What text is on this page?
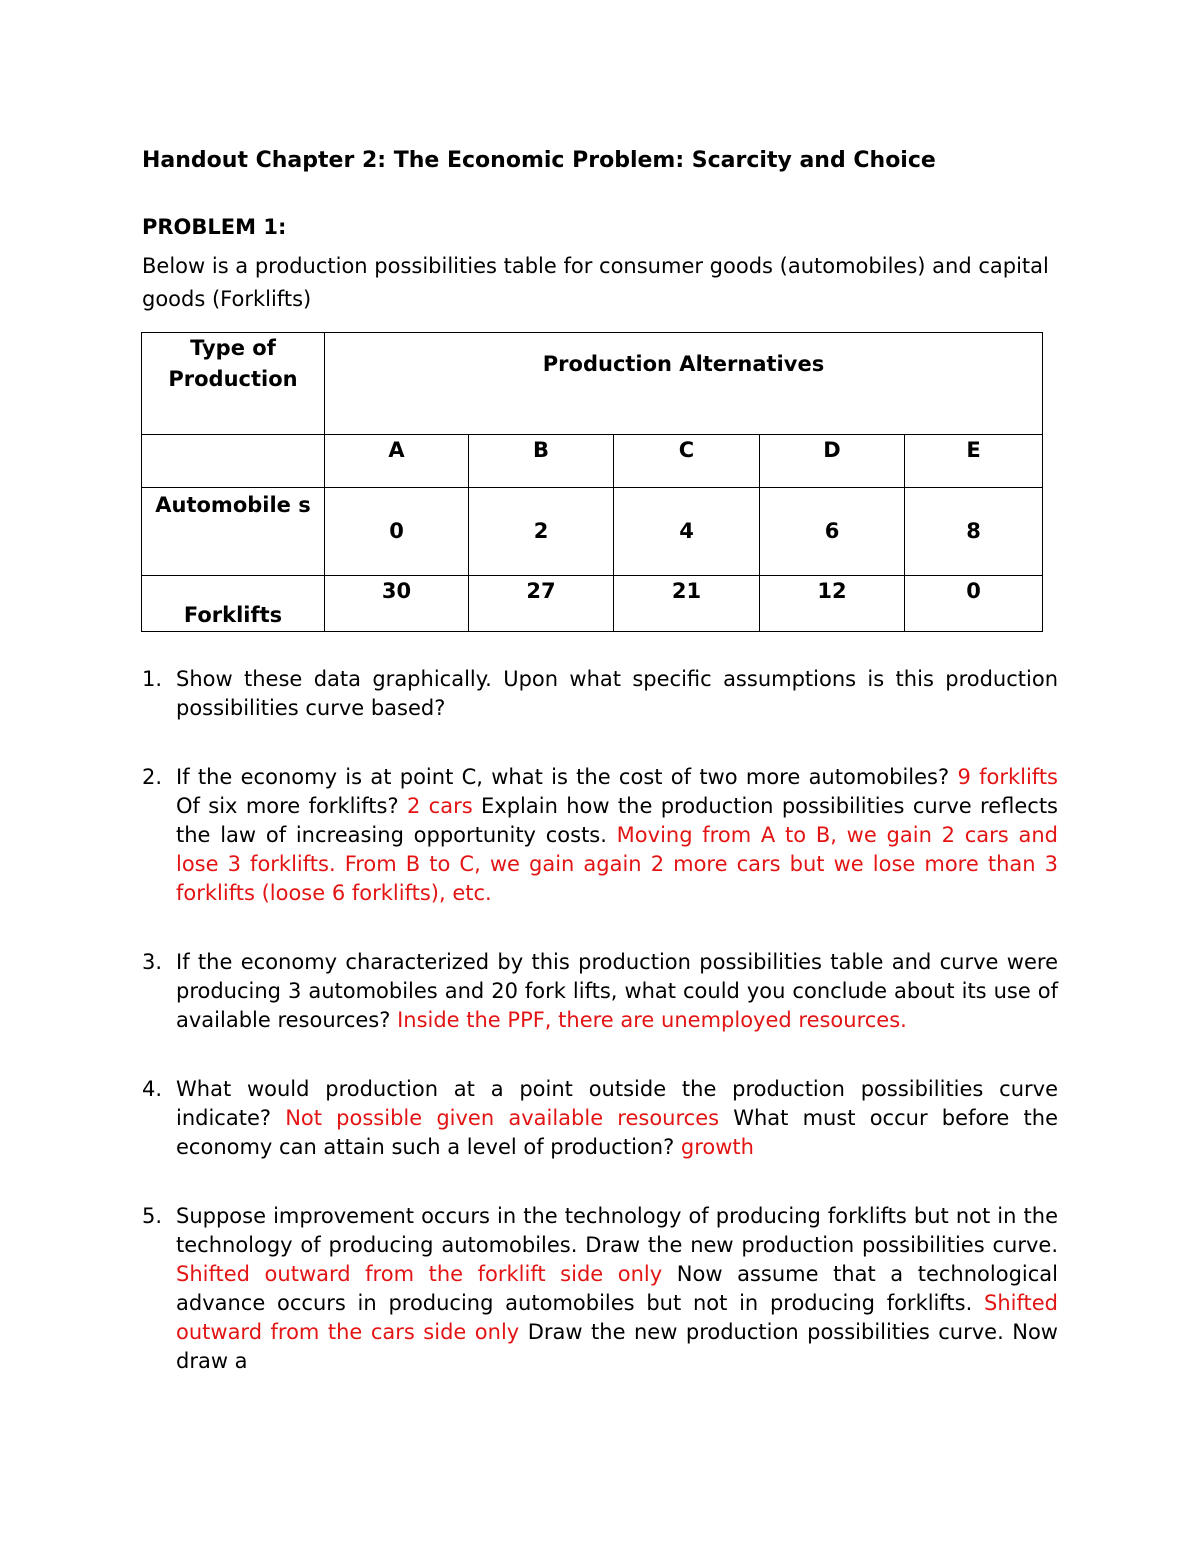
Handout Chapter 2: The Economic Problem: Scarcity and Choice
PROBLEM 1:
Below is a production possibilities table for consumer goods (automobiles) and capital goods (Forklifts)
Type of Production	Production Alternatives				
	A	B	C	D	E
Automobile s	0	2	4	6	8

Forklifts	30	27	21	12	0
1. Show these data graphically. Upon what specific assumptions is this production possibilities curve based?
2. If the economy is at point C, what is the cost of two more automobiles? 9 forklifts Of six more forklifts? 2 cars Explain how the production possibilities curve reflects the law of increasing opportunity costs. Moving from A to B, we gain 2 cars and lose 3 forklifts. From B to C, we gain again 2 more cars but we lose more than 3 forklifts (loose 6 forklifts), etc.
3. If the economy characterized by this production possibilities table and curve were producing 3 automobiles and 20 fork lifts, what could you conclude about its use of available resources? Inside the PPF, there are unemployed resources.
4. What would production at a point outside the production possibilities curve indicate? Not possible given available resources What must occur before the economy can attain such a level of production? growth
5. Suppose improvement occurs in the technology of producing forklifts but not in the technology of producing automobiles. Draw the new production possibilities curve. Shifted outward from the forklift side only Now assume that a technological advance occurs in producing automobiles but not in producing forklifts. Shifted outward from the cars side only Draw the new production possibilities curve. Now draw a
